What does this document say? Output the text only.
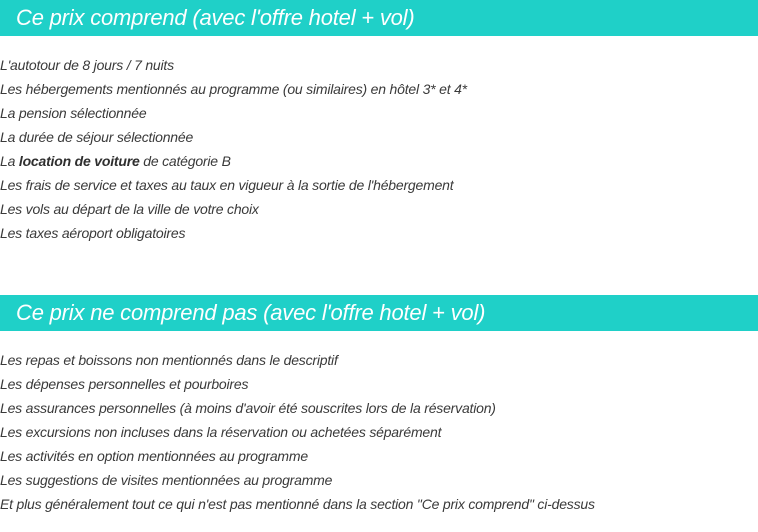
Ce prix comprend (avec l'offre hotel + vol)
L'autotour de 8 jours / 7 nuits
Les hébergements mentionnés au programme (ou similaires) en hôtel 3* et 4*
La pension sélectionnée
La durée de séjour sélectionnée
La location de voiture de catégorie B
Les frais de service et taxes au taux en vigueur à la sortie de l'hébergement
Les vols au départ de la ville de votre choix
Les taxes aéroport obligatoires
Ce prix ne comprend pas (avec l'offre hotel + vol)
Les repas et boissons non mentionnés dans le descriptif
Les dépenses personnelles et pourboires
Les assurances personnelles (à moins d'avoir été souscrites lors de la réservation)
Les excursions non incluses dans la réservation ou achetées séparément
Les activités en option mentionnées au programme
Les suggestions de visites mentionnées au programme
Et plus généralement tout ce qui n'est pas mentionné dans la section "Ce prix comprend" ci-dessus
